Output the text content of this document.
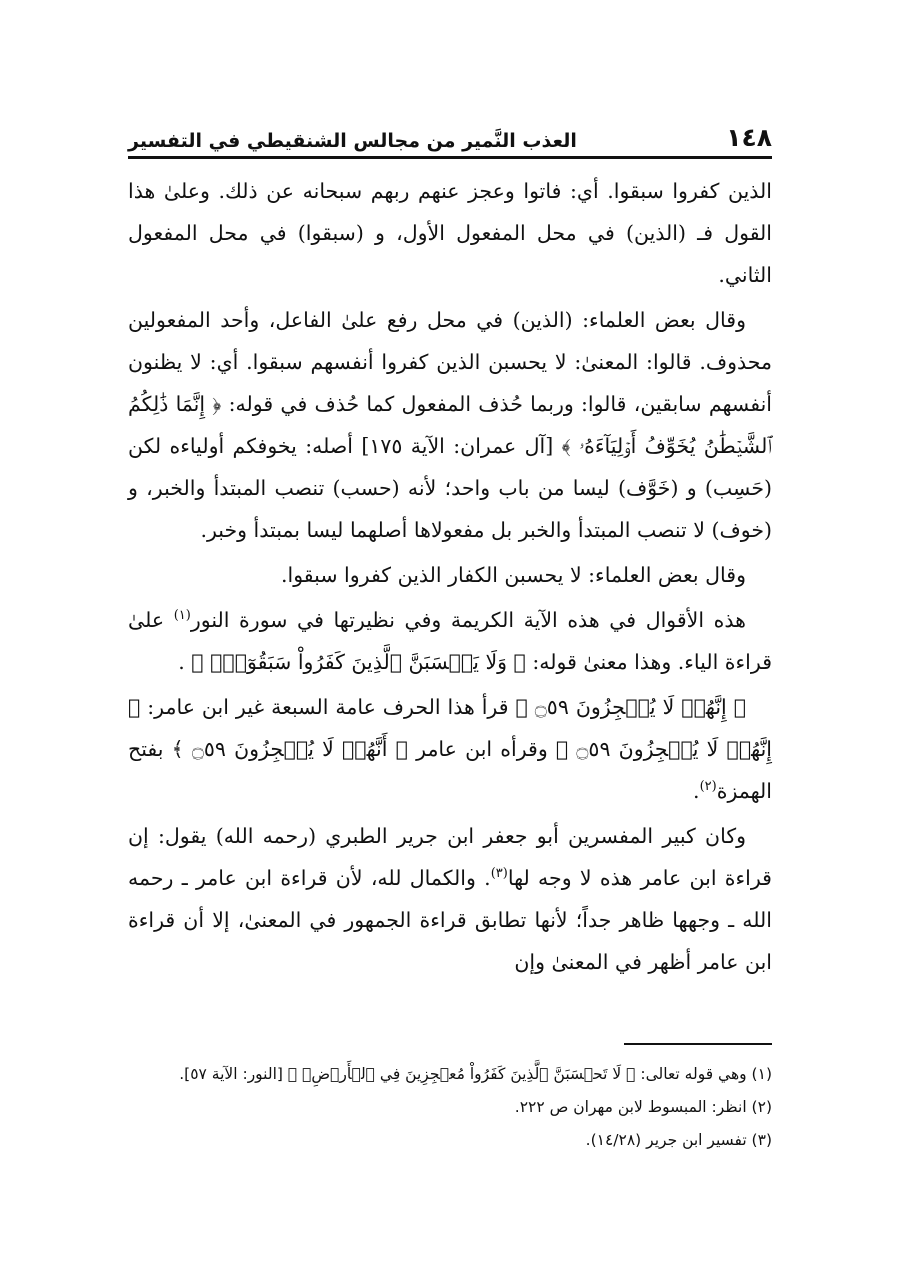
١٤٨
العذب النَّمير من مجالس الشنقيطي في التفسير

الذين كفروا سبقوا. أي: فاتوا وعجز عنهم ربهم سبحانه عن ذلك. وعلىٰ هذا القول فـ (الذين) في محل المفعول الأول، و (سبقوا) في محل المفعول الثاني.

وقال بعض العلماء: (الذين) في محل رفع علىٰ الفاعل، وأحد المفعولين محذوف. قالوا: المعنىٰ: لا يحسبن الذين كفروا أنفسهم سبقوا. أي: لا يظنون أنفسهم سابقين، قالوا: وربما حُذف المفعول كما حُذف في قوله: ﴿ إِنَّمَا ذَٰلِكُمُ ٱلشَّيۡطَٰنُ يُخَوِّفُ أَوۡلِيَآءَهُۥ ﴾ [آل عمران: الآية ١٧٥] أصله: يخوفكم أولياءه لكن (حَسِب) و (خَوَّف) ليسا من باب واحد؛ لأنه (حسب) تنصب المبتدأ والخبر، و (خوف) لا تنصب المبتدأ والخبر بل مفعولاها أصلهما ليسا بمبتدأ وخبر.

وقال بعض العلماء: لا يحسبن الكفار الذين كفروا سبقوا.

هذه الأقوال في هذه الآية الكريمة وفي نظيرتها في سورة النور$^{(١)}$ علىٰ قراءة الياء. وهذا معنىٰ قوله: ﴿ وَلَا يَحۡسَبَنَّ ٱلَّذِينَ كَفَرُواْ سَبَقُوٓاْۚ ﴾ .

﴿ إِنَّهُمۡ لَا يُعۡجِزُونَ ۝٥٩ ﴾ قرأ هذا الحرف عامة السبعة غير ابن عامر: ﴿ إِنَّهُمۡ لَا يُعۡجِزُونَ ۝٥٩ ﴾ وقرأه ابن عامر ﴿ أَنَّهُمۡ لَا يُعۡجِزُونَ ۝٥٩ ﴾ بفتح الهمزة$^{(٢)}$.

وكان كبير المفسرين أبو جعفر ابن جرير الطبري (رحمه الله) يقول: إن قراءة ابن عامر هذه لا وجه لها$^{(٣)}$. والكمال لله، لأن قراءة ابن عامر ـ رحمه الله ـ وجهها ظاهر جداً؛ لأنها تطابق قراءة الجمهور في المعنىٰ، إلا أن قراءة ابن عامر أظهر في المعنىٰ وإن

(١) وهي قوله تعالى: ﴿ لَا تَحۡسَبَنَّ ٱلَّذِينَ كَفَرُواْ مُعۡجِزِينَ فِي ٱلۡأَرۡضِۚ ﴾ [النور: الآية ٥٧].

(٢) انظر: المبسوط لابن مهران ص ٢٢٢.

(٣) تفسير ابن جرير (١٤/٢٨).
